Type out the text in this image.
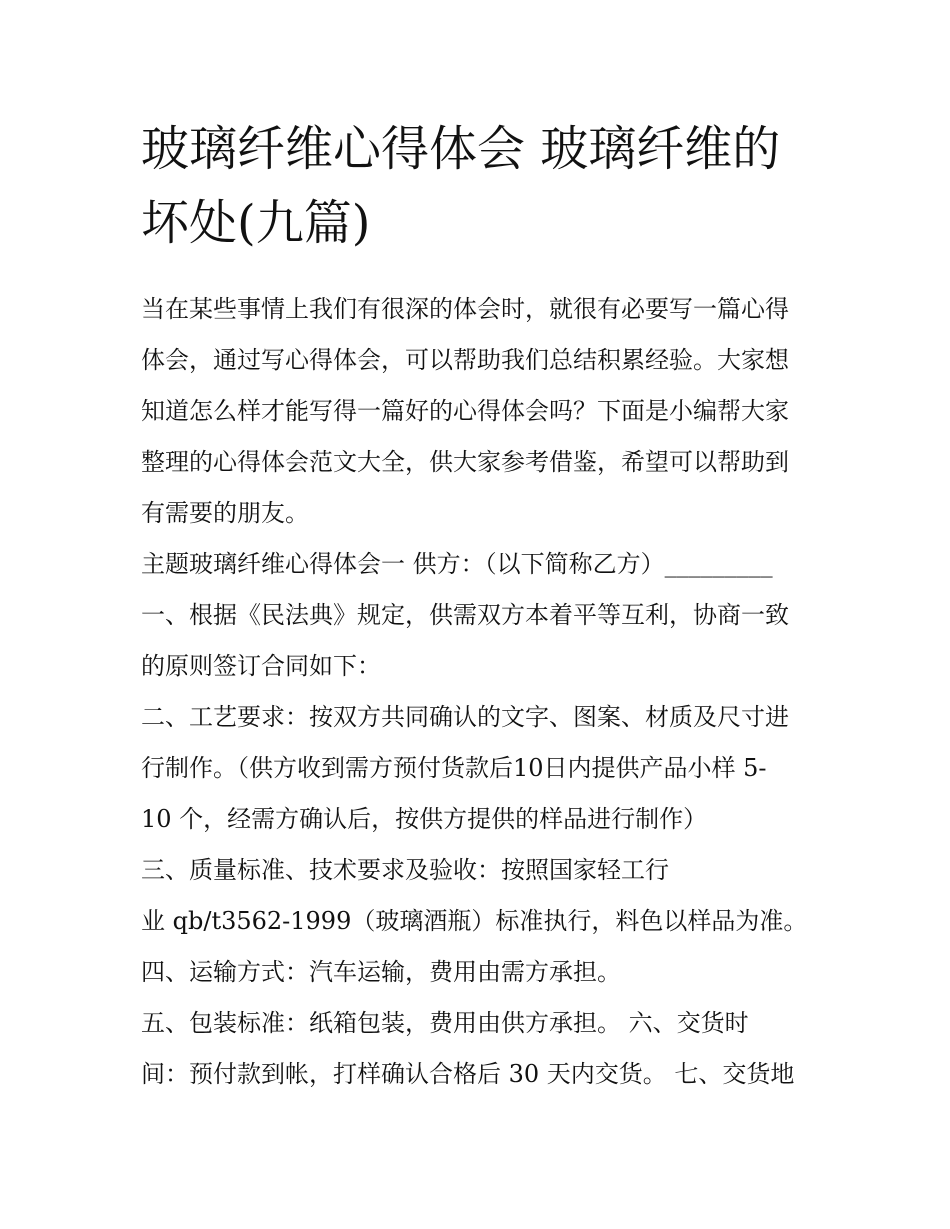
玻璃纤维心得体会 玻璃纤维的
坏处(九篇)
当在某些事情上我们有很深的体会时，就很有必要写一篇心得
体会，通过写心得体会，可以帮助我们总结积累经验。大家想
知道怎么样才能写得一篇好的心得体会吗？下面是小编帮大家
整理的心得体会范文大全，供大家参考借鉴，希望可以帮助到
有需要的朋友。
主题玻璃纤维心得体会一 供方：（以下简称乙方）_________
一、根据《民法典》规定，供需双方本着平等互利，协商一致
的原则签订合同如下：
二、工艺要求：按双方共同确认的文字、图案、材质及尺寸进
行制作。（供方收到需方预付货款后10日内提供产品小样 5-
10 个，经需方确认后，按供方提供的样品进行制作）
三、质量标准、技术要求及验收：按照国家轻工行
业 qb/t3562-1999（玻璃酒瓶）标准执行，料色以样品为准。
四、运输方式：汽车运输，费用由需方承担。
五、包装标准：纸箱包装，费用由供方承担。 六、交货时
间：预付款到帐，打样确认合格后 30 天内交货。 七、交货地
